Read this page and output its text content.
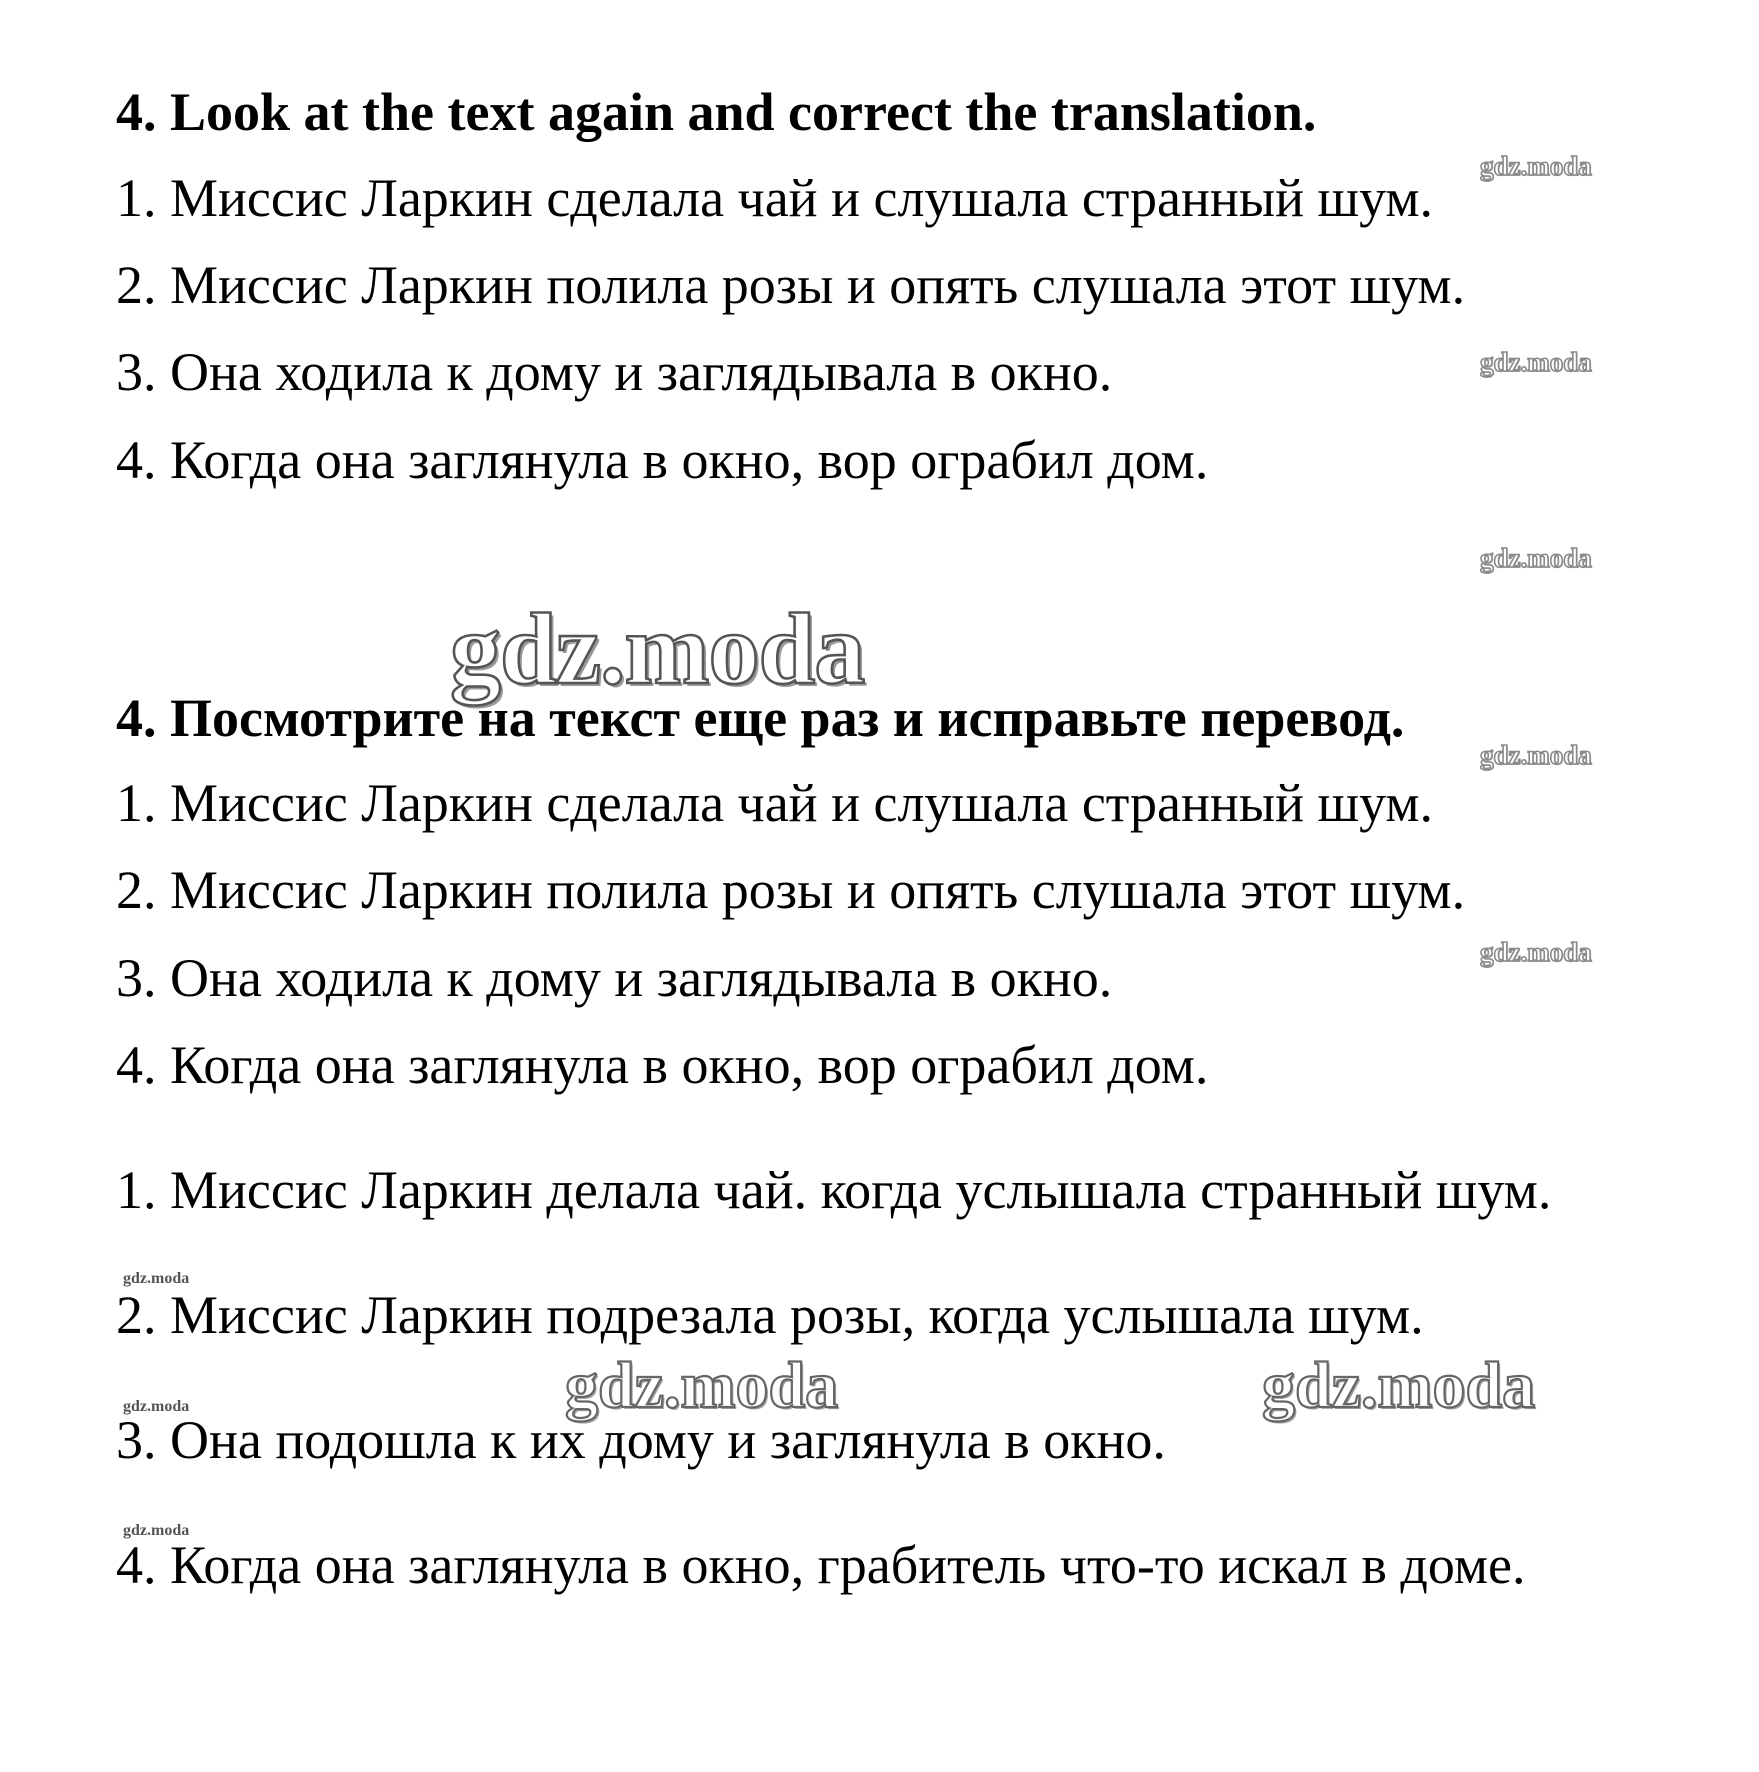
4. Look at the text again and correct the translation.
1. Миссис Ларкин сделала чай и слушала странный шум.
2. Миссис Ларкин полила розы и опять слушала этот шум.
3. Она ходила к дому и заглядывала в окно.
4. Когда она заглянула в окно, вор ограбил дом.
4. Посмотрите на текст еще раз и исправьте перевод.
1. Миссис Ларкин сделала чай и слушала странный шум.
2. Миссис Ларкин полила розы и опять слушала этот шум.
3. Она ходила к дому и заглядывала в окно.
4. Когда она заглянула в окно, вор ограбил дом.
1. Миссис Ларкин делала чай. когда услышала странный шум.
2. Миссис Ларкин подрезала розы, когда услышала шум.
3. Она подошла к их дому и заглянула в окно.
4. Когда она заглянула в окно, грабитель что-то искал в доме.
gdz.moda
gdz.moda
gdz.moda
gdz.moda
gdz.moda
gdz.moda
gdz.moda
gdz.moda	gdz.moda
gdz.moda
gdz.moda
